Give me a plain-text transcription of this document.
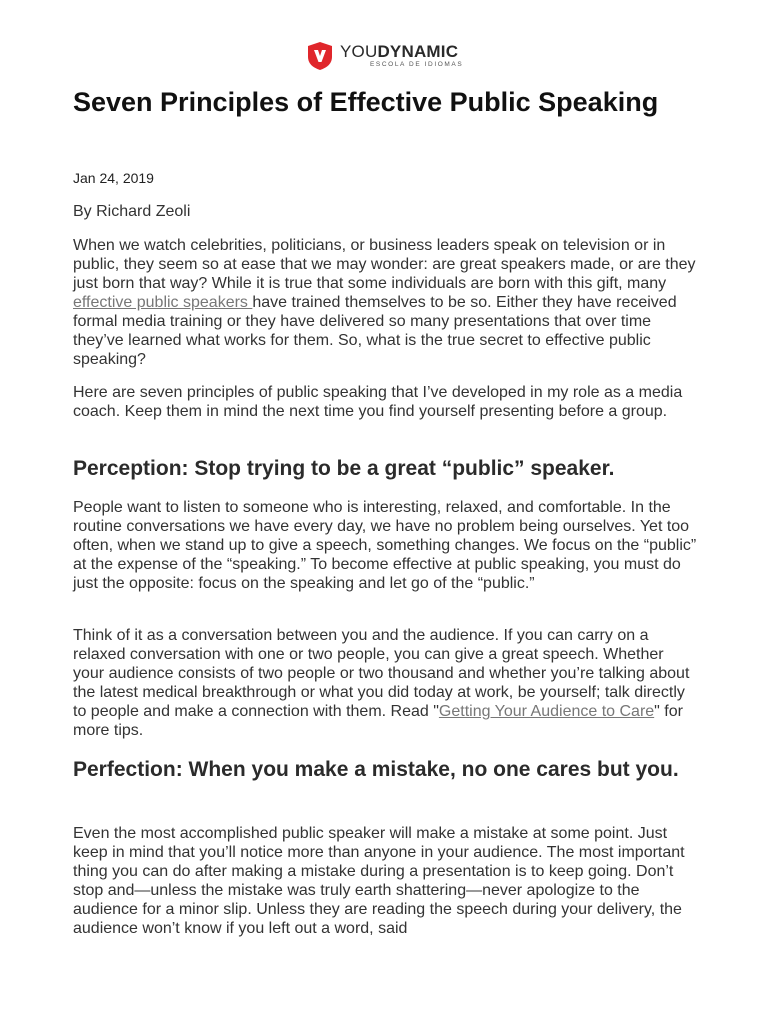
YOUDYNAMIC
ESCOLA DE IDIOMAS
Seven Principles of Effective Public Speaking
Jan 24, 2019
By Richard Zeoli

When we watch celebrities, politicians, or business leaders speak on television or in public, they seem so at ease that we may wonder: are great speakers made, or are they just born that way? While it is true that some individuals are born with this gift, many effective public speakers have trained themselves to be so. Either they have received formal media training or they have delivered so many presentations that over time they’ve learned what works for them. So, what is the true secret to effective public speaking?

Here are seven principles of public speaking that I’ve developed in my role as a media coach. Keep them in mind the next time you find yourself presenting before a group.

Perception: Stop trying to be a great “public” speaker.

People want to listen to someone who is interesting, relaxed, and comfortable. In the routine conversations we have every day, we have no problem being ourselves. Yet too often, when we stand up to give a speech, something changes. We focus on the “public” at the expense of the “speaking.” To become effective at public speaking, you must do just the opposite: focus on the speaking and let go of the “public.”

Think of it as a conversation between you and the audience. If you can carry on a relaxed conversation with one or two people, you can give a great speech. Whether your audience consists of two people or two thousand and whether you’re talking about the latest medical breakthrough or what you did today at work, be yourself; talk directly to people and make a connection with them. Read "Getting Your Audience to Care" for more tips.

Perfection: When you make a mistake, no one cares but you.

Even the most accomplished public speaker will make a mistake at some point. Just keep in mind that you’ll notice more than anyone in your audience. The most important thing you can do after making a mistake during a presentation is to keep going. Don’t stop and—unless the mistake was truly earth shattering—never apologize to the audience for a minor slip. Unless they are reading the speech during your delivery, the audience won’t know if you left out a word, said
